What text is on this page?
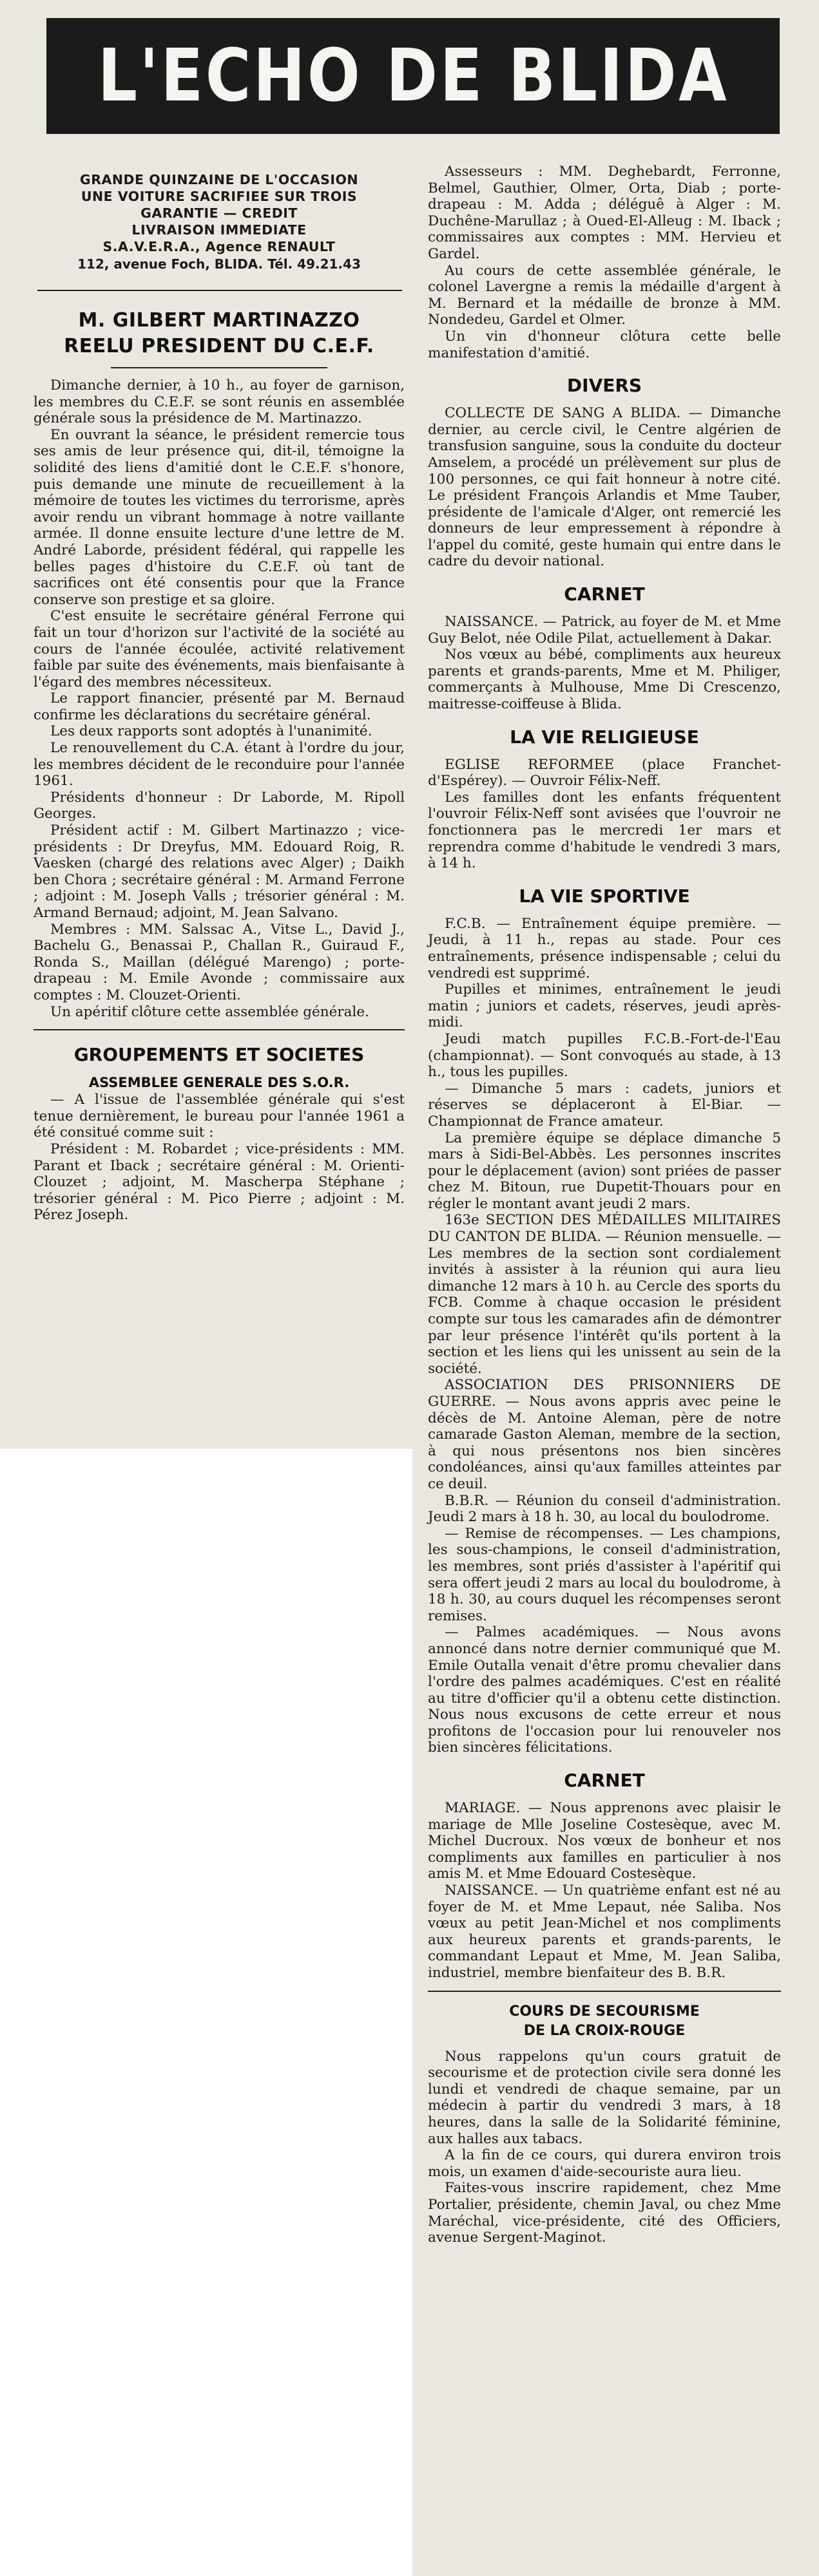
L'ECHO DE BLIDA
GRANDE QUINZAINE DE L'OCCASION
UNE VOITURE SACRIFIEE SUR TROIS
GARANTIE — CREDIT
LIVRAISON IMMEDIATE
S.A.V.E.R.A., Agence RENAULT
112, avenue Foch, BLIDA. Tél. 49.21.43
M. GILBERT MARTINAZZO
REELU PRESIDENT DU C.E.F.

Dimanche dernier, à 10 h., au foyer de garnison, les membres du C.E.F. se sont réunis en assemblée générale sous la présidence de M. Martinazzo.

En ouvrant la séance, le président remercie tous ses amis de leur présence qui, dit-il, témoigne la solidité des liens d'amitié dont le C.E.F. s'honore, puis demande une minute de recueillement à la mémoire de toutes les victimes du terrorisme, après avoir rendu un vibrant hommage à notre vaillante armée. Il donne ensuite lecture d'une lettre de M. André Laborde, président fédéral, qui rappelle les belles pages d'histoire du C.E.F. où tant de sacrifices ont été consentis pour que la France conserve son prestige et sa gloire.

C'est ensuite le secrétaire général Ferrone qui fait un tour d'horizon sur l'activité de la société au cours de l'année écoulée, activité relativement faible par suite des événements, mais bienfaisante à l'égard des membres nécessiteux.

Le rapport financier, présenté par M. Bernaud confirme les déclarations du secrétaire général.

Les deux rapports sont adoptés à l'unanimité.

Le renouvellement du C.A. étant à l'ordre du jour, les membres décident de le reconduire pour l'année 1961.

Présidents d'honneur : Dr Laborde, M. Ripoll Georges.

Président actif : M. Gilbert Martinazzo ; vice-présidents : Dr Dreyfus, MM. Edouard Roig, R. Vaesken (chargé des relations avec Alger) ; Daikh ben Chora ; secrétaire général : M. Armand Ferrone ; adjoint : M. Joseph Valls ; trésorier général : M. Armand Bernaud; adjoint, M. Jean Salvano.

Membres : MM. Salssac A., Vitse L., David J., Bachelu G., Benassai P., Challan R., Guiraud F., Ronda S., Maillan (délégué Marengo) ; porte-drapeau : M. Emile Avonde ; commissaire aux comptes : M. Clouzet-Orienti.

Un apéritif clôture cette assemblée générale.

GROUPEMENTS ET SOCIETES
ASSEMBLEE GENERALE DES S.O.R.

— A l'issue de l'assemblée générale qui s'est tenue dernièrement, le bureau pour l'année 1961 a été consitué comme suit :

Président : M. Robardet ; vice-présidents : MM. Parant et Iback ; secrétaire général : M. Orienti-Clouzet ; adjoint, M. Mascherpa Stéphane ; trésorier général : M. Pico Pierre ; adjoint : M. Pérez Joseph.

Assesseurs : MM. Deghebardt, Ferronne, Belmel, Gauthier, Olmer, Orta, Diab ; porte-drapeau : M. Adda ; déléguê à Alger : M. Duchêne-Marullaz ; à Oued-El-Alleug : M. Iback ; commissaires aux comptes : MM. Hervieu et Gardel.

Au cours de cette assemblée générale, le colonel Lavergne a remis la médaille d'argent à M. Bernard et la médaille de bronze à MM. Nondedeu, Gardel et Olmer.

Un vin d'honneur clôtura cette belle manifestation d'amitié.

DIVERS

COLLECTE DE SANG A BLIDA. — Dimanche dernier, au cercle civil, le Centre algérien de transfusion sanguine, sous la conduite du docteur Amselem, a procédé un prélèvement sur plus de 100 personnes, ce qui fait honneur à notre cité. Le président François Arlandis et Mme Tauber, présidente de l'amicale d'Alger, ont remercié les donneurs de leur empressement à répondre à l'appel du comité, geste humain qui entre dans le cadre du devoir national.

CARNET

NAISSANCE. — Patrick, au foyer de M. et Mme Guy Belot, née Odile Pilat, actuellement à Dakar.

Nos vœux au bébé, compliments aux heureux parents et grands-parents, Mme et M. Philiger, commerçants à Mulhouse, Mme Di Crescenzo, maitresse-coiffeuse à Blida.

LA VIE RELIGIEUSE

EGLISE REFORMEE (place Franchet-d'Espérey). — Ouvroir Félix-Neff.

Les familles dont les enfants fréquentent l'ouvroir Félix-Neff sont avisées que l'ouvroir ne fonctionnera pas le mercredi 1er mars et reprendra comme d'habitude le vendredi 3 mars, à 14 h.

LA VIE SPORTIVE

F.C.B. — Entraînement équipe première. — Jeudi, à 11 h., repas au stade. Pour ces entraînements, présence indispensable ; celui du vendredi est supprimé.

Pupilles et minimes, entraînement le jeudi matin ; juniors et cadets, réserves, jeudi après-midi.

Jeudi match pupilles F.C.B.-Fort-de-l'Eau (championnat). — Sont convoqués au stade, à 13 h., tous les pupilles.

— Dimanche 5 mars : cadets, juniors et réserves se déplaceront à El-Biar. — Championnat de France amateur.

La première équipe se déplace dimanche 5 mars à Sidi-Bel-Abbès. Les personnes inscrites pour le déplacement (avion) sont priées de passer chez M. Bitoun, rue Dupetit-Thouars pour en régler le montant avant jeudi 2 mars.

163e SECTION DES MÉDAILLES MILITAIRES DU CANTON DE BLIDA. — Réunion mensuelle. — Les membres de la section sont cordialement invités à assister à la réunion qui aura lieu dimanche 12 mars à 10 h. au Cercle des sports du FCB. Comme à chaque occasion le président compte sur tous les camarades afin de démontrer par leur présence l'intérêt qu'ils portent à la section et les liens qui les unissent au sein de la société.

ASSOCIATION DES PRISONNIERS DE GUERRE. — Nous avons appris avec peine le décès de M. Antoine Aleman, père de notre camarade Gaston Aleman, membre de la section, à qui nous présentons nos bien sincères condoléances, ainsi qu'aux familles atteintes par ce deuil.

B.B.R. — Réunion du conseil d'administration. Jeudi 2 mars à 18 h. 30, au local du boulodrome.

— Remise de récompenses. — Les champions, les sous-champions, le conseil d'administration, les membres, sont priés d'assister à l'apéritif qui sera offert jeudi 2 mars au local du boulodrome, à 18 h. 30, au cours duquel les récompenses seront remises.

— Palmes académiques. — Nous avons annoncé dans notre dernier communiqué que M. Emile Outalla venait d'être promu chevalier dans l'ordre des palmes académiques. C'est en réalité au titre d'officier qu'il a obtenu cette distinction. Nous nous excusons de cette erreur et nous profitons de l'occasion pour lui renouveler nos bien sincères félicitations.

CARNET

MARIAGE. — Nous apprenons avec plaisir le mariage de Mlle Joseline Costesèque, avec M. Michel Ducroux. Nos vœux de bonheur et nos compliments aux familles en particulier à nos amis M. et Mme Edouard Costesèque.

NAISSANCE. — Un quatrième enfant est né au foyer de M. et Mme Lepaut, née Saliba. Nos vœux au petit Jean-Michel et nos compliments aux heureux parents et grands-parents, le commandant Lepaut et Mme, M. Jean Saliba, industriel, membre bienfaiteur des B. B.R.

COURS DE SECOURISME
DE LA CROIX-ROUGE

Nous rappelons qu'un cours gratuit de secourisme et de protection civile sera donné les lundi et vendredi de chaque semaine, par un médecin à partir du vendredi 3 mars, à 18 heures, dans la salle de la Solidarité féminine, aux halles aux tabacs.

A la fin de ce cours, qui durera environ trois mois, un examen d'aide-secouriste aura lieu.

Faites-vous inscrire rapidement, chez Mme Portalier, présidente, chemin Javal, ou chez Mme Maréchal, vice-présidente, cité des Officiers, avenue Sergent-Maginot.
